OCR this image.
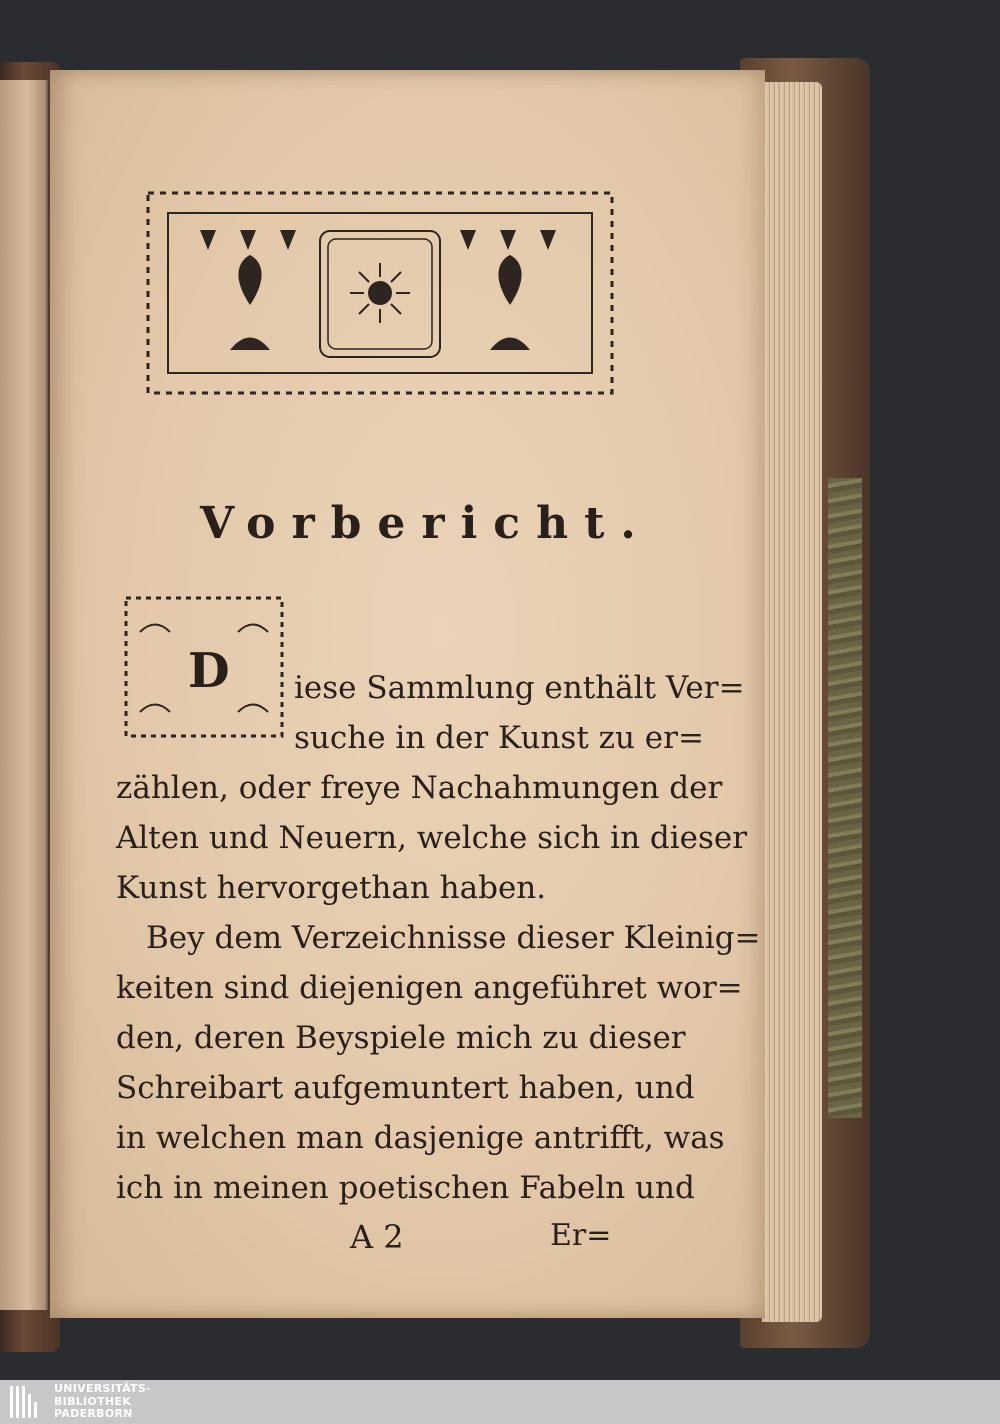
Vorbericht.
D iese Sammlung enthält Ver=
suche in der Kunst zu er=
zählen, oder freye Nachahmungen der
Alten und Neuern, welche sich in dieser
Kunst hervorgethan haben.
Bey dem Verzeichnisse dieser Kleinig=
keiten sind diejenigen angeführet wor=
den, deren Beyspiele mich zu dieser
Schreibart aufgemuntert haben, und
in welchen man dasjenige antrifft, was
ich in meinen poetischen Fabeln und
A 2	Er=
UNIVERSITÄTS-
BIBLIOTHEK
PADERBORN
